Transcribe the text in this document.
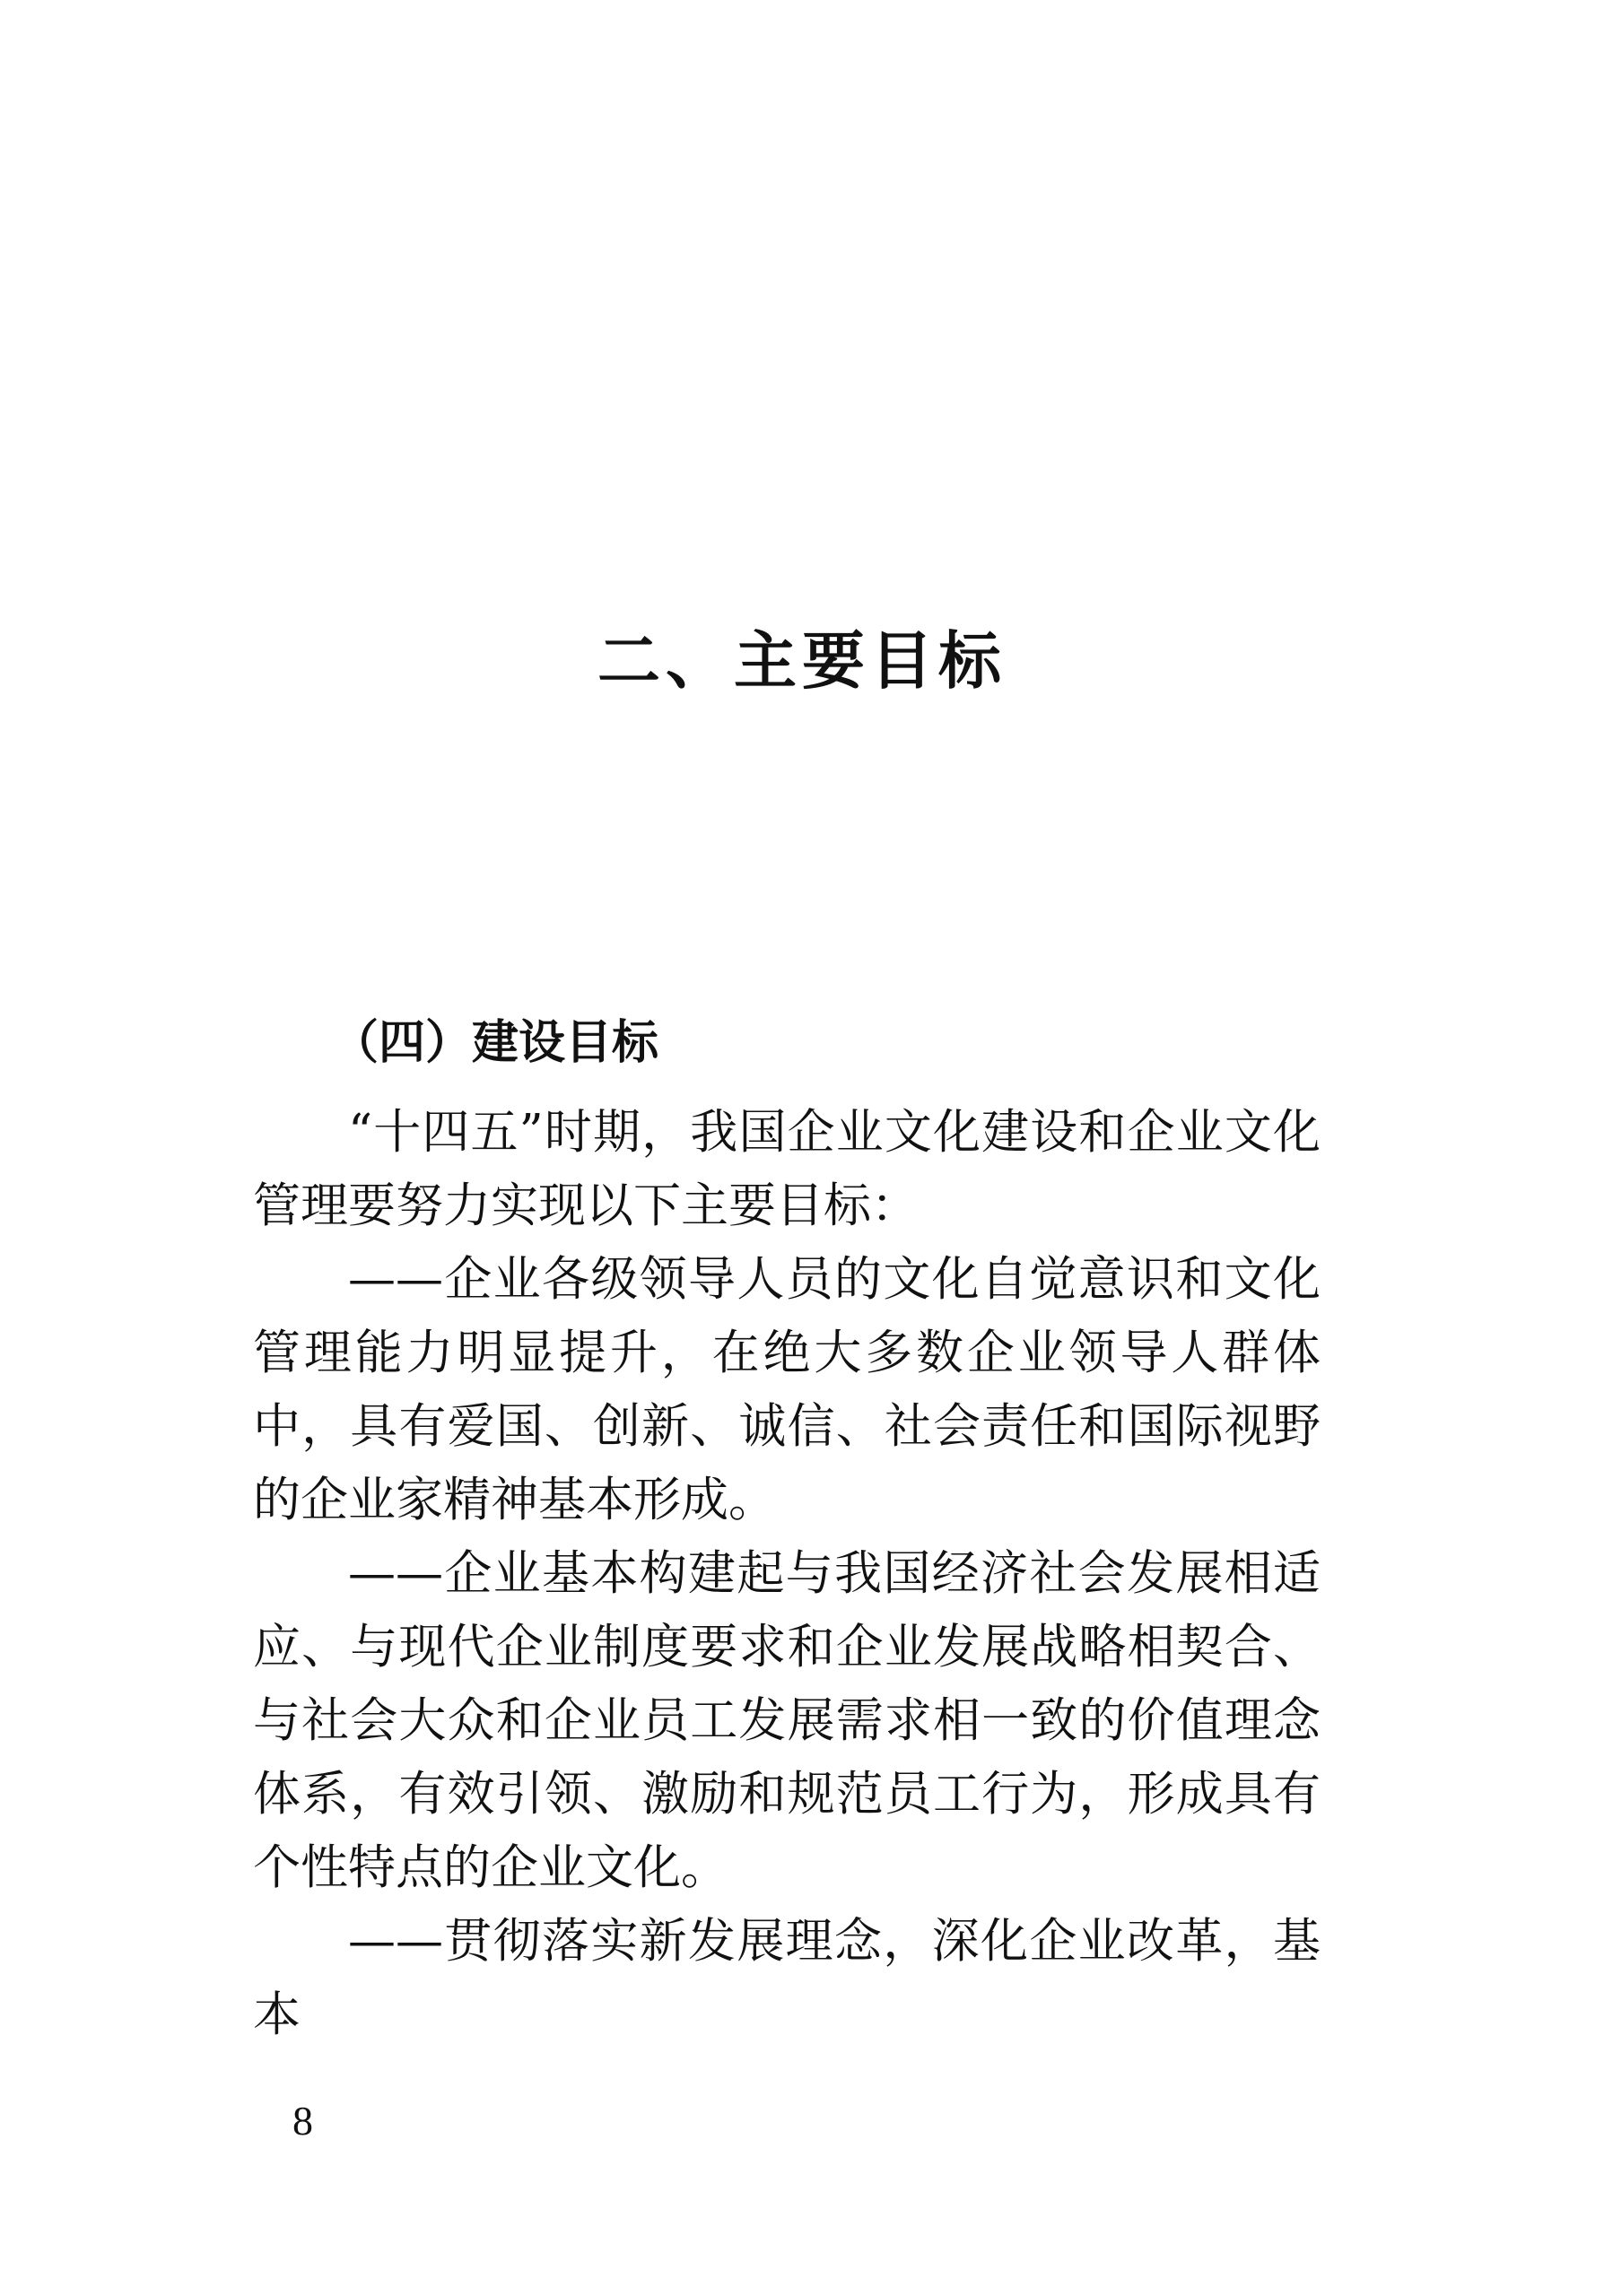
二、主要目标
（四）建设目标

“十四五”时期，我国企业文化建设和企业文化管理要努力实现以下主要目标：

——企业各级领导人员的文化自觉意识和文化管理能力明显提升，在绝大多数企业领导人群体中，具有爱国、创新、诚信、社会责任和国际视野的企业家精神基本形成。

——企业基本构建起与我国经济社会发展相适应、与现代企业制度要求和企业发展战略相契合、与社会大众和企业员工发展需求相一致的价值理念体系，有效引领、激励和规范员工行为，形成具有个性特点的企业文化。

——贯彻落实新发展理念，深化企业改革，基本

8
